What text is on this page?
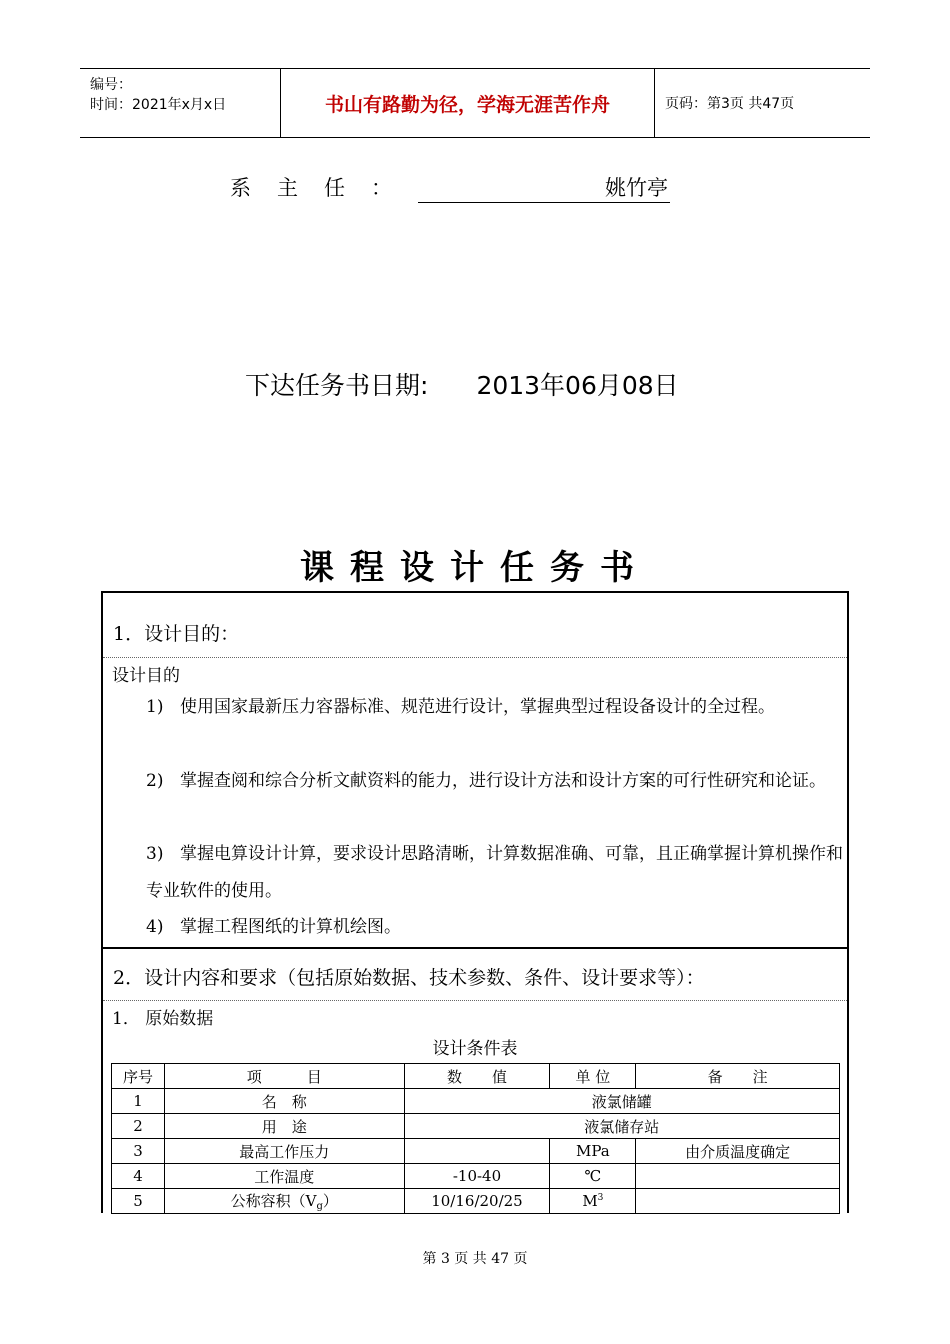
编号：
时间：2021年x月x日	书山有路勤为径，学海无涯苦作舟	页码：第3页 共47页
系主任：	姚竹亭
下达任务书日期: 2013年06月08日
课程设计任务书
1．设计目的：
设计目的
1) 使用国家最新压力容器标准、规范进行设计，掌握典型过程设备设计的全过程。
2) 掌握查阅和综合分析文献资料的能力，进行设计方法和设计方案的可行性研究和论证。
3) 掌握电算设计计算，要求设计思路清晰，计算数据准确、可靠，且正确掌握计算机操作和专业软件的使用。
4) 掌握工程图纸的计算机绘图。
2．设计内容和要求（包括原始数据、技术参数、条件、设计要求等）：
1． 原始数据
设计条件表
序号	项　　　目	数　　值	单 位	备　　注
1	名　称	液氯储罐		
2	用　途	液氯储存站		
3	最高工作压力		MPa	由介质温度确定
4	工作温度	-10-40	℃	
5	公称容积$(V_g)$	10/16/20/25	$M^3$	
第 3 页 共 47 页
